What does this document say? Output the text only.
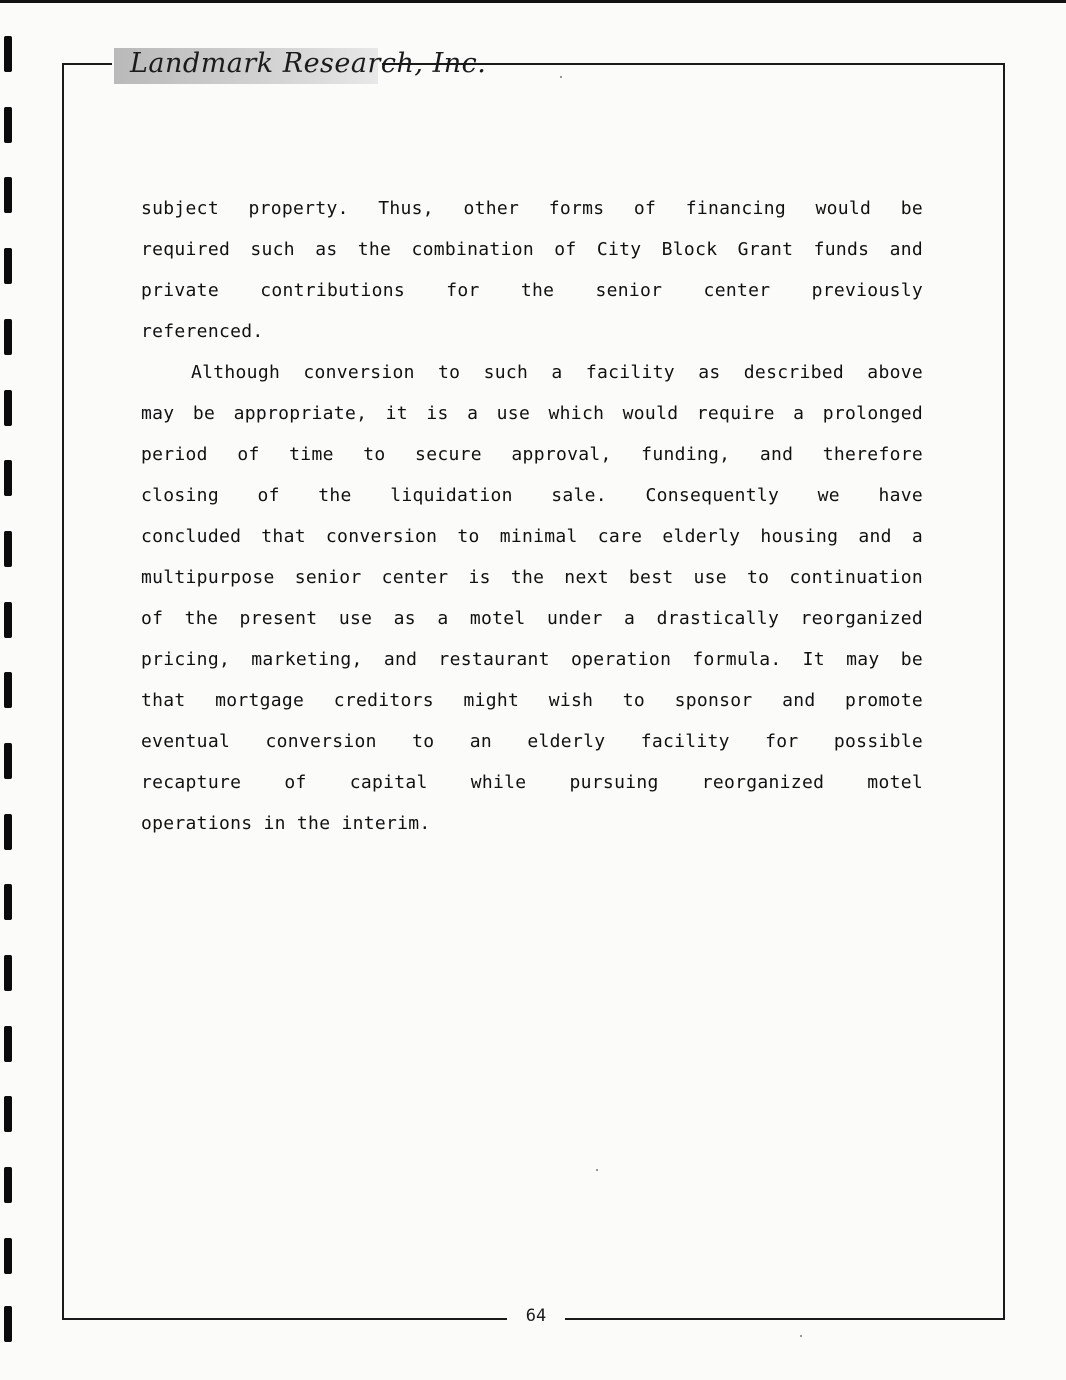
Landmark Research, Inc.
subject property. Thus, other forms of financing would be
required such as the combination of City Block Grant funds and
private contributions for the senior center previously
referenced.
Although conversion to such a facility as described above
may be appropriate, it is a use which would require a prolonged
period of time to secure approval, funding, and therefore
closing of the liquidation sale. Consequently we have
concluded that conversion to minimal care elderly housing and a
multipurpose senior center is the next best use to continuation
of the present use as a motel under a drastically reorganized
pricing, marketing, and restaurant operation formula. It may be
that mortgage creditors might wish to sponsor and promote
eventual conversion to an elderly facility for possible
recapture of capital while pursuing reorganized motel
operations in the interim.
64
